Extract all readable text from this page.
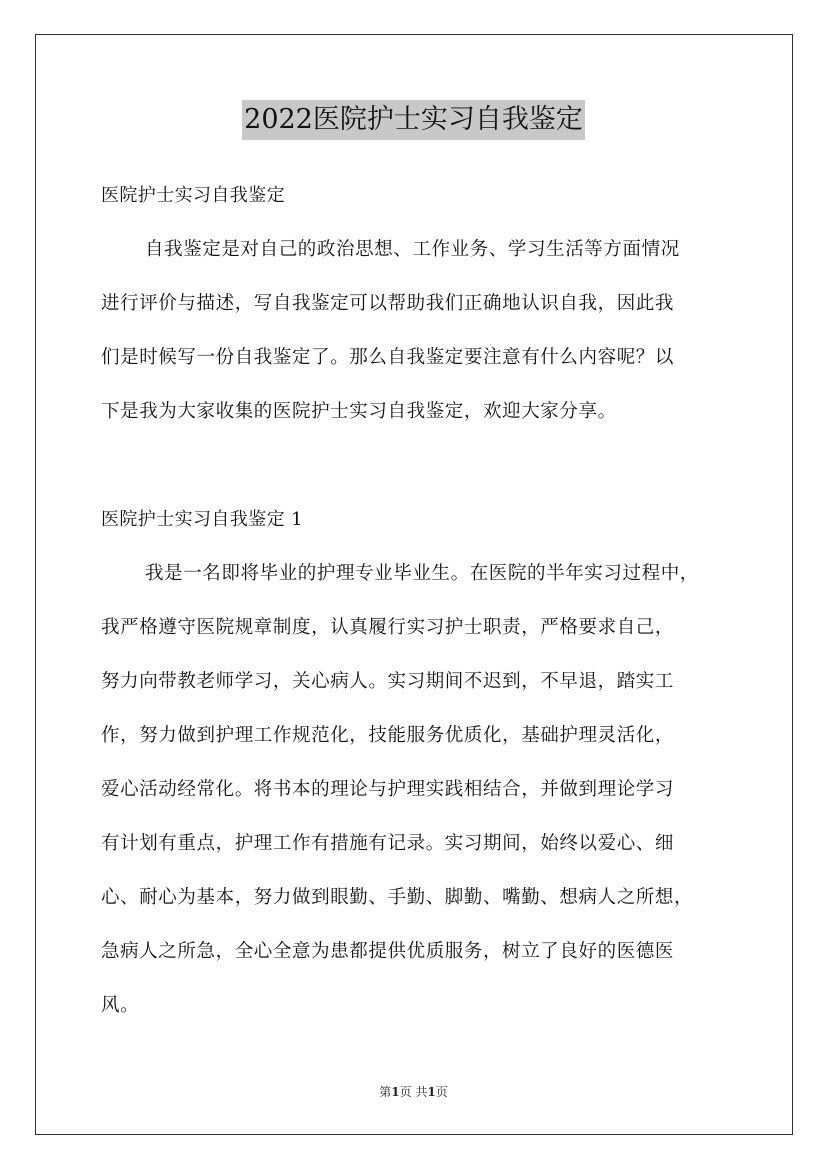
2022医院护士实习自我鉴定

医院护士实习自我鉴定

自我鉴定是对自己的政治思想、工作业务、学习生活等方面情况

进行评价与描述，写自我鉴定可以帮助我们正确地认识自我，因此我

们是时候写一份自我鉴定了。那么自我鉴定要注意有什么内容呢？以

下是我为大家收集的医院护士实习自我鉴定，欢迎大家分享。

医院护士实习自我鉴定 1

我是一名即将毕业的护理专业毕业生。在医院的半年实习过程中，

我严格遵守医院规章制度，认真履行实习护士职责，严格要求自己，

努力向带教老师学习，关心病人。实习期间不迟到，不早退，踏实工

作，努力做到护理工作规范化，技能服务优质化，基础护理灵活化，

爱心活动经常化。将书本的理论与护理实践相结合，并做到理论学习

有计划有重点，护理工作有措施有记录。实习期间，始终以爱心、细

心、耐心为基本，努力做到眼勤、手勤、脚勤、嘴勤、想病人之所想，

急病人之所急，全心全意为患都提供优质服务，树立了良好的医德医

风。

第1页 共1页
